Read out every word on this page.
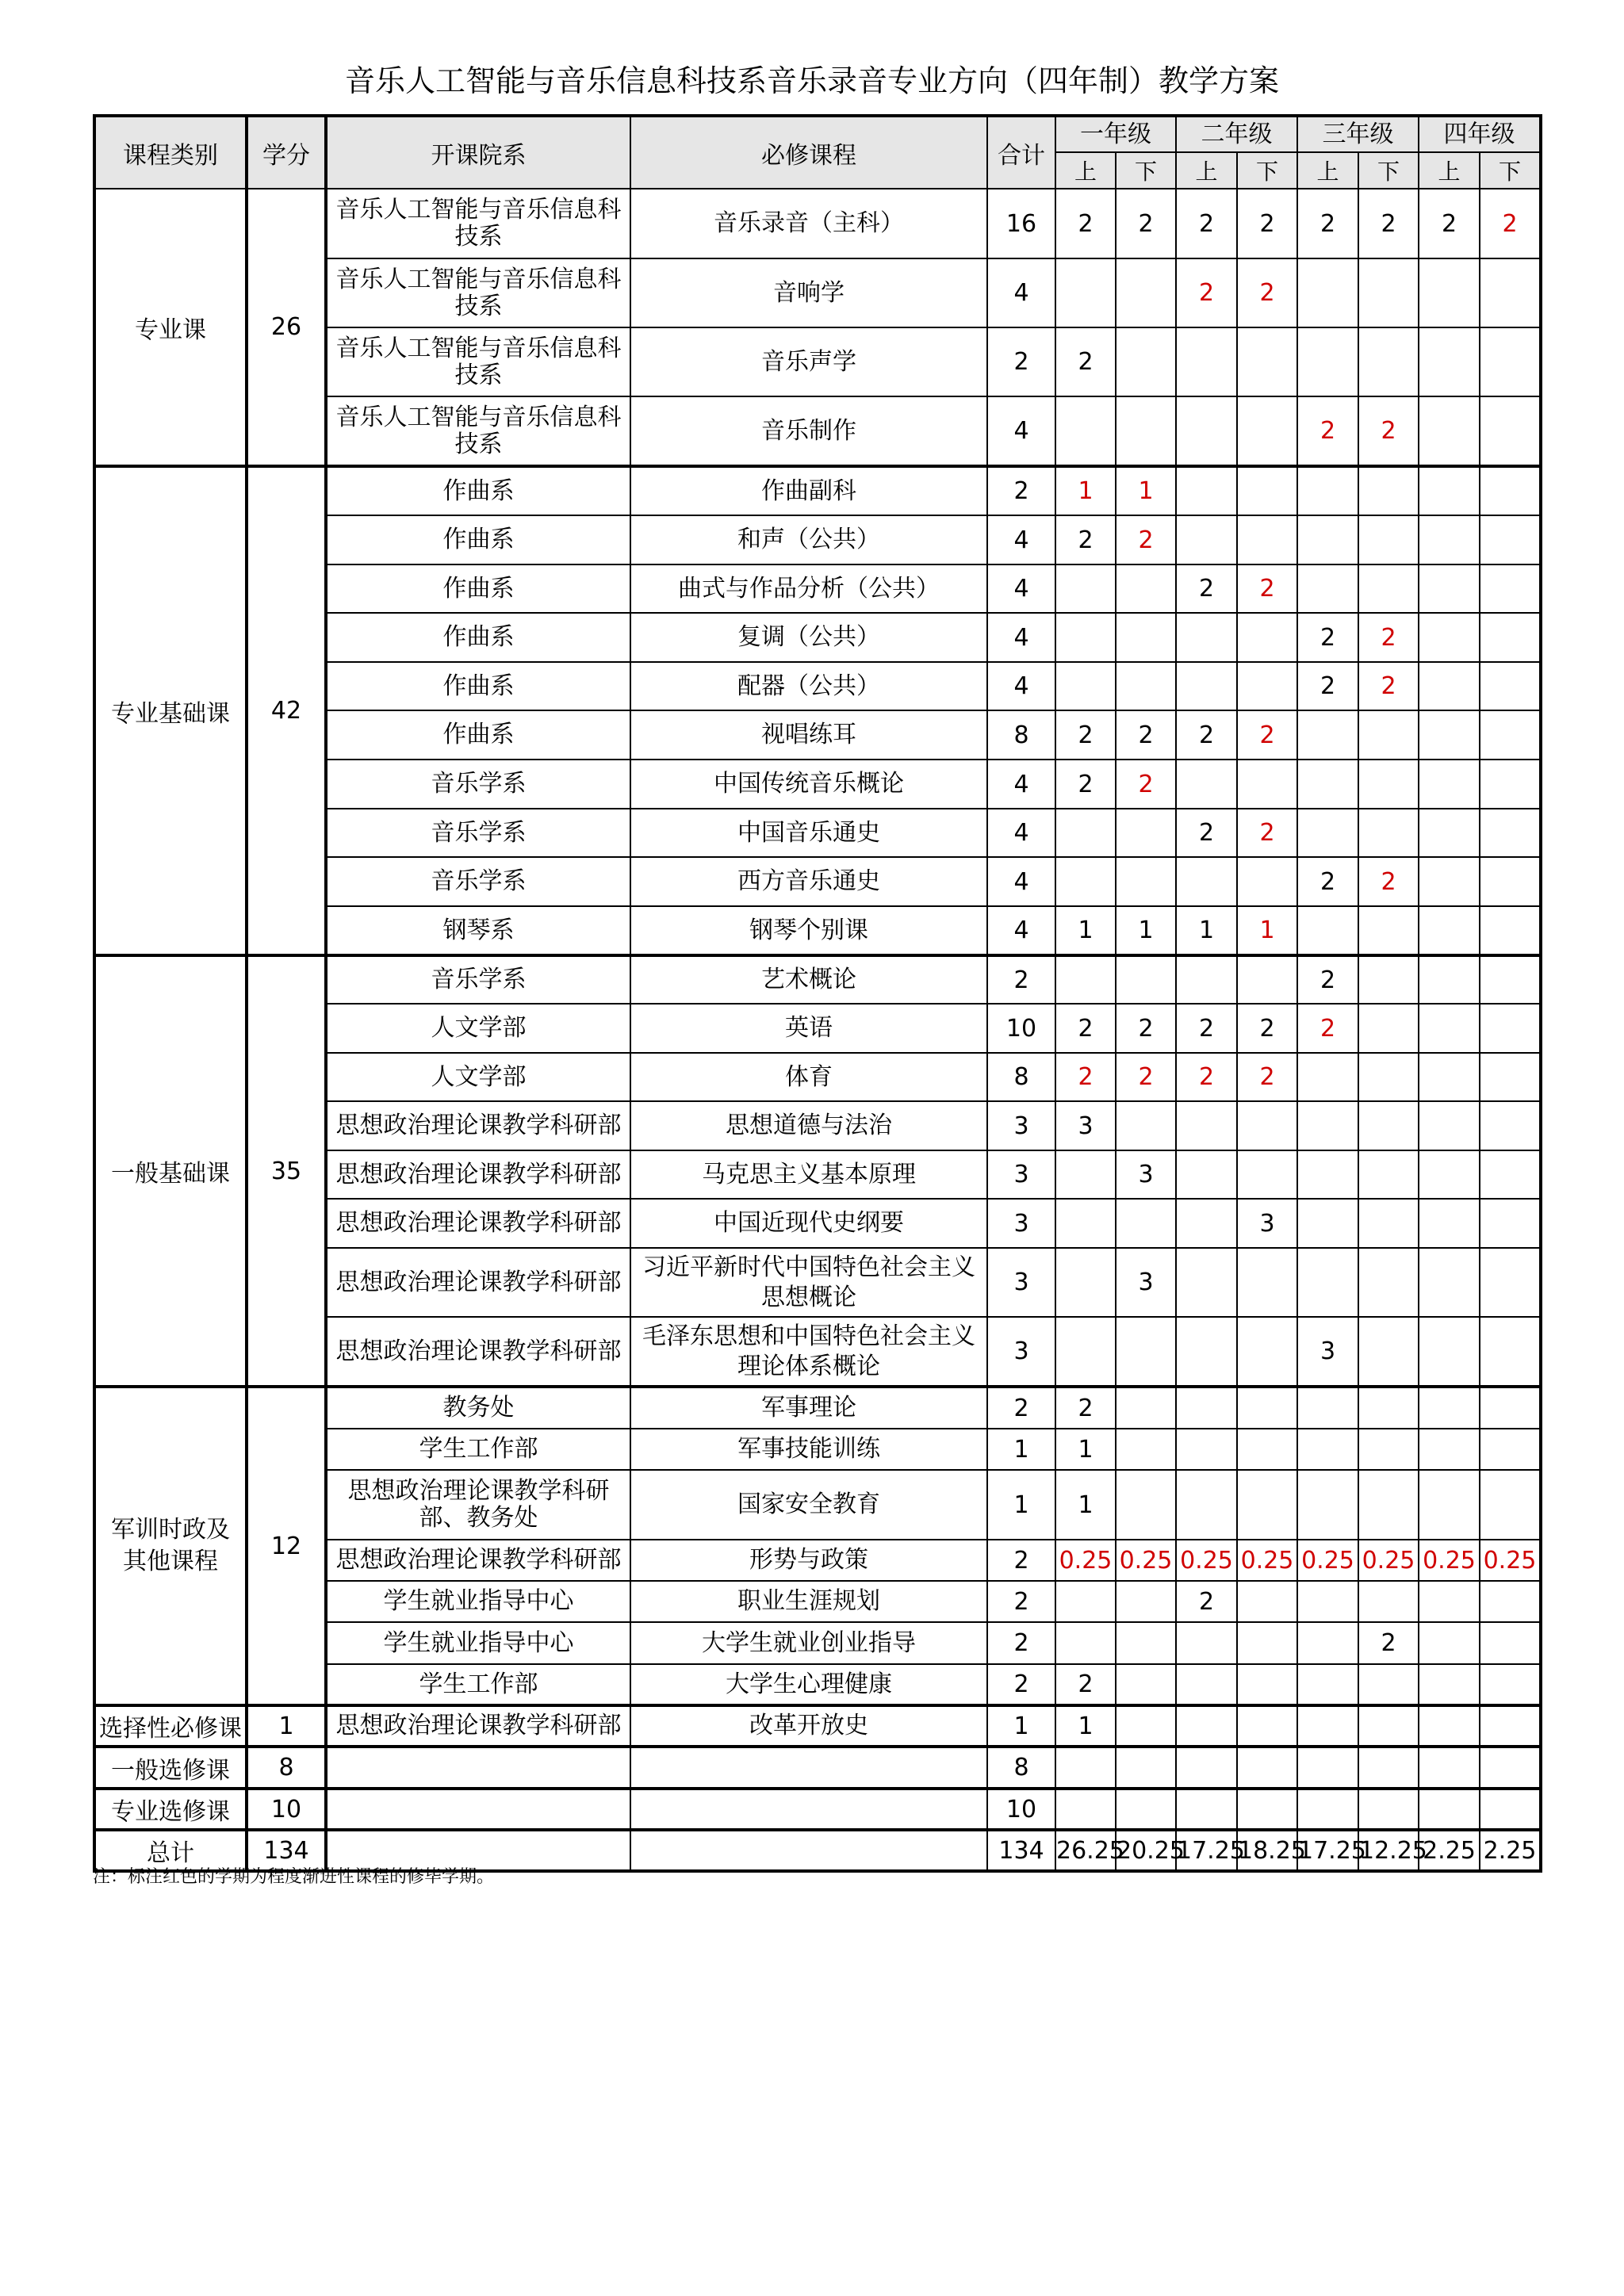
音乐人工智能与音乐信息科技系音乐录音专业方向（四年制）教学方案
课程类别	学分	开课院系	必修课程	合计	一年级		二年级		三年级		四年级	
					上	下	上	下	上	下	上	下
专业课	26	音乐人工智能与音乐信息科技系	音乐录音（主科）	16	2	2	2	2	2	2	2	2
		音乐人工智能与音乐信息科技系	音响学	4			2	2				
		音乐人工智能与音乐信息科技系	音乐声学	2	2							
		音乐人工智能与音乐信息科技系	音乐制作	4					2	2		
专业基础课	42	作曲系	作曲副科	2	1	1						
		作曲系	和声（公共）	4	2	2						
		作曲系	曲式与作品分析（公共）	4			2	2				
		作曲系	复调（公共）	4					2	2		
		作曲系	配器（公共）	4					2	2		
		作曲系	视唱练耳	8	2	2	2	2				
		音乐学系	中国传统音乐概论	4	2	2						
		音乐学系	中国音乐通史	4			2	2				
		音乐学系	西方音乐通史	4					2	2		
		钢琴系	钢琴个别课	4	1	1	1	1				
一般基础课	35	音乐学系	艺术概论	2					2			
		人文学部	英语	10	2	2	2	2	2			
		人文学部	体育	8	2	2	2	2				
		思想政治理论课教学科研部	思想道德与法治	3	3							
		思想政治理论课教学科研部	马克思主义基本原理	3		3						
		思想政治理论课教学科研部	中国近现代史纲要	3				3				
		思想政治理论课教学科研部	习近平新时代中国特色社会主义思想概论	3		3						
		思想政治理论课教学科研部	毛泽东思想和中国特色社会主义理论体系概论	3					3			
军训时政及其他课程	12	教务处	军事理论	2	2							
		学生工作部	军事技能训练	1	1							
		思想政治理论课教学科研部、教务处	国家安全教育	1	1							
		思想政治理论课教学科研部	形势与政策	2	0.25	0.25	0.25	0.25	0.25	0.25	0.25	0.25
		学生就业指导中心	职业生涯规划	2			2					
		学生就业指导中心	大学生就业创业指导	2						2		
		学生工作部	大学生心理健康	2	2							
选择性必修课	1	思想政治理论课教学科研部	改革开放史	1	1							
一般选修课	8			8								
专业选修课	10			10								
总计	134			134	26.25	20.25	17.25	18.25	17.25	12.25	2.25	2.25
注：标注红色的学期为程度渐进性课程的修毕学期。
